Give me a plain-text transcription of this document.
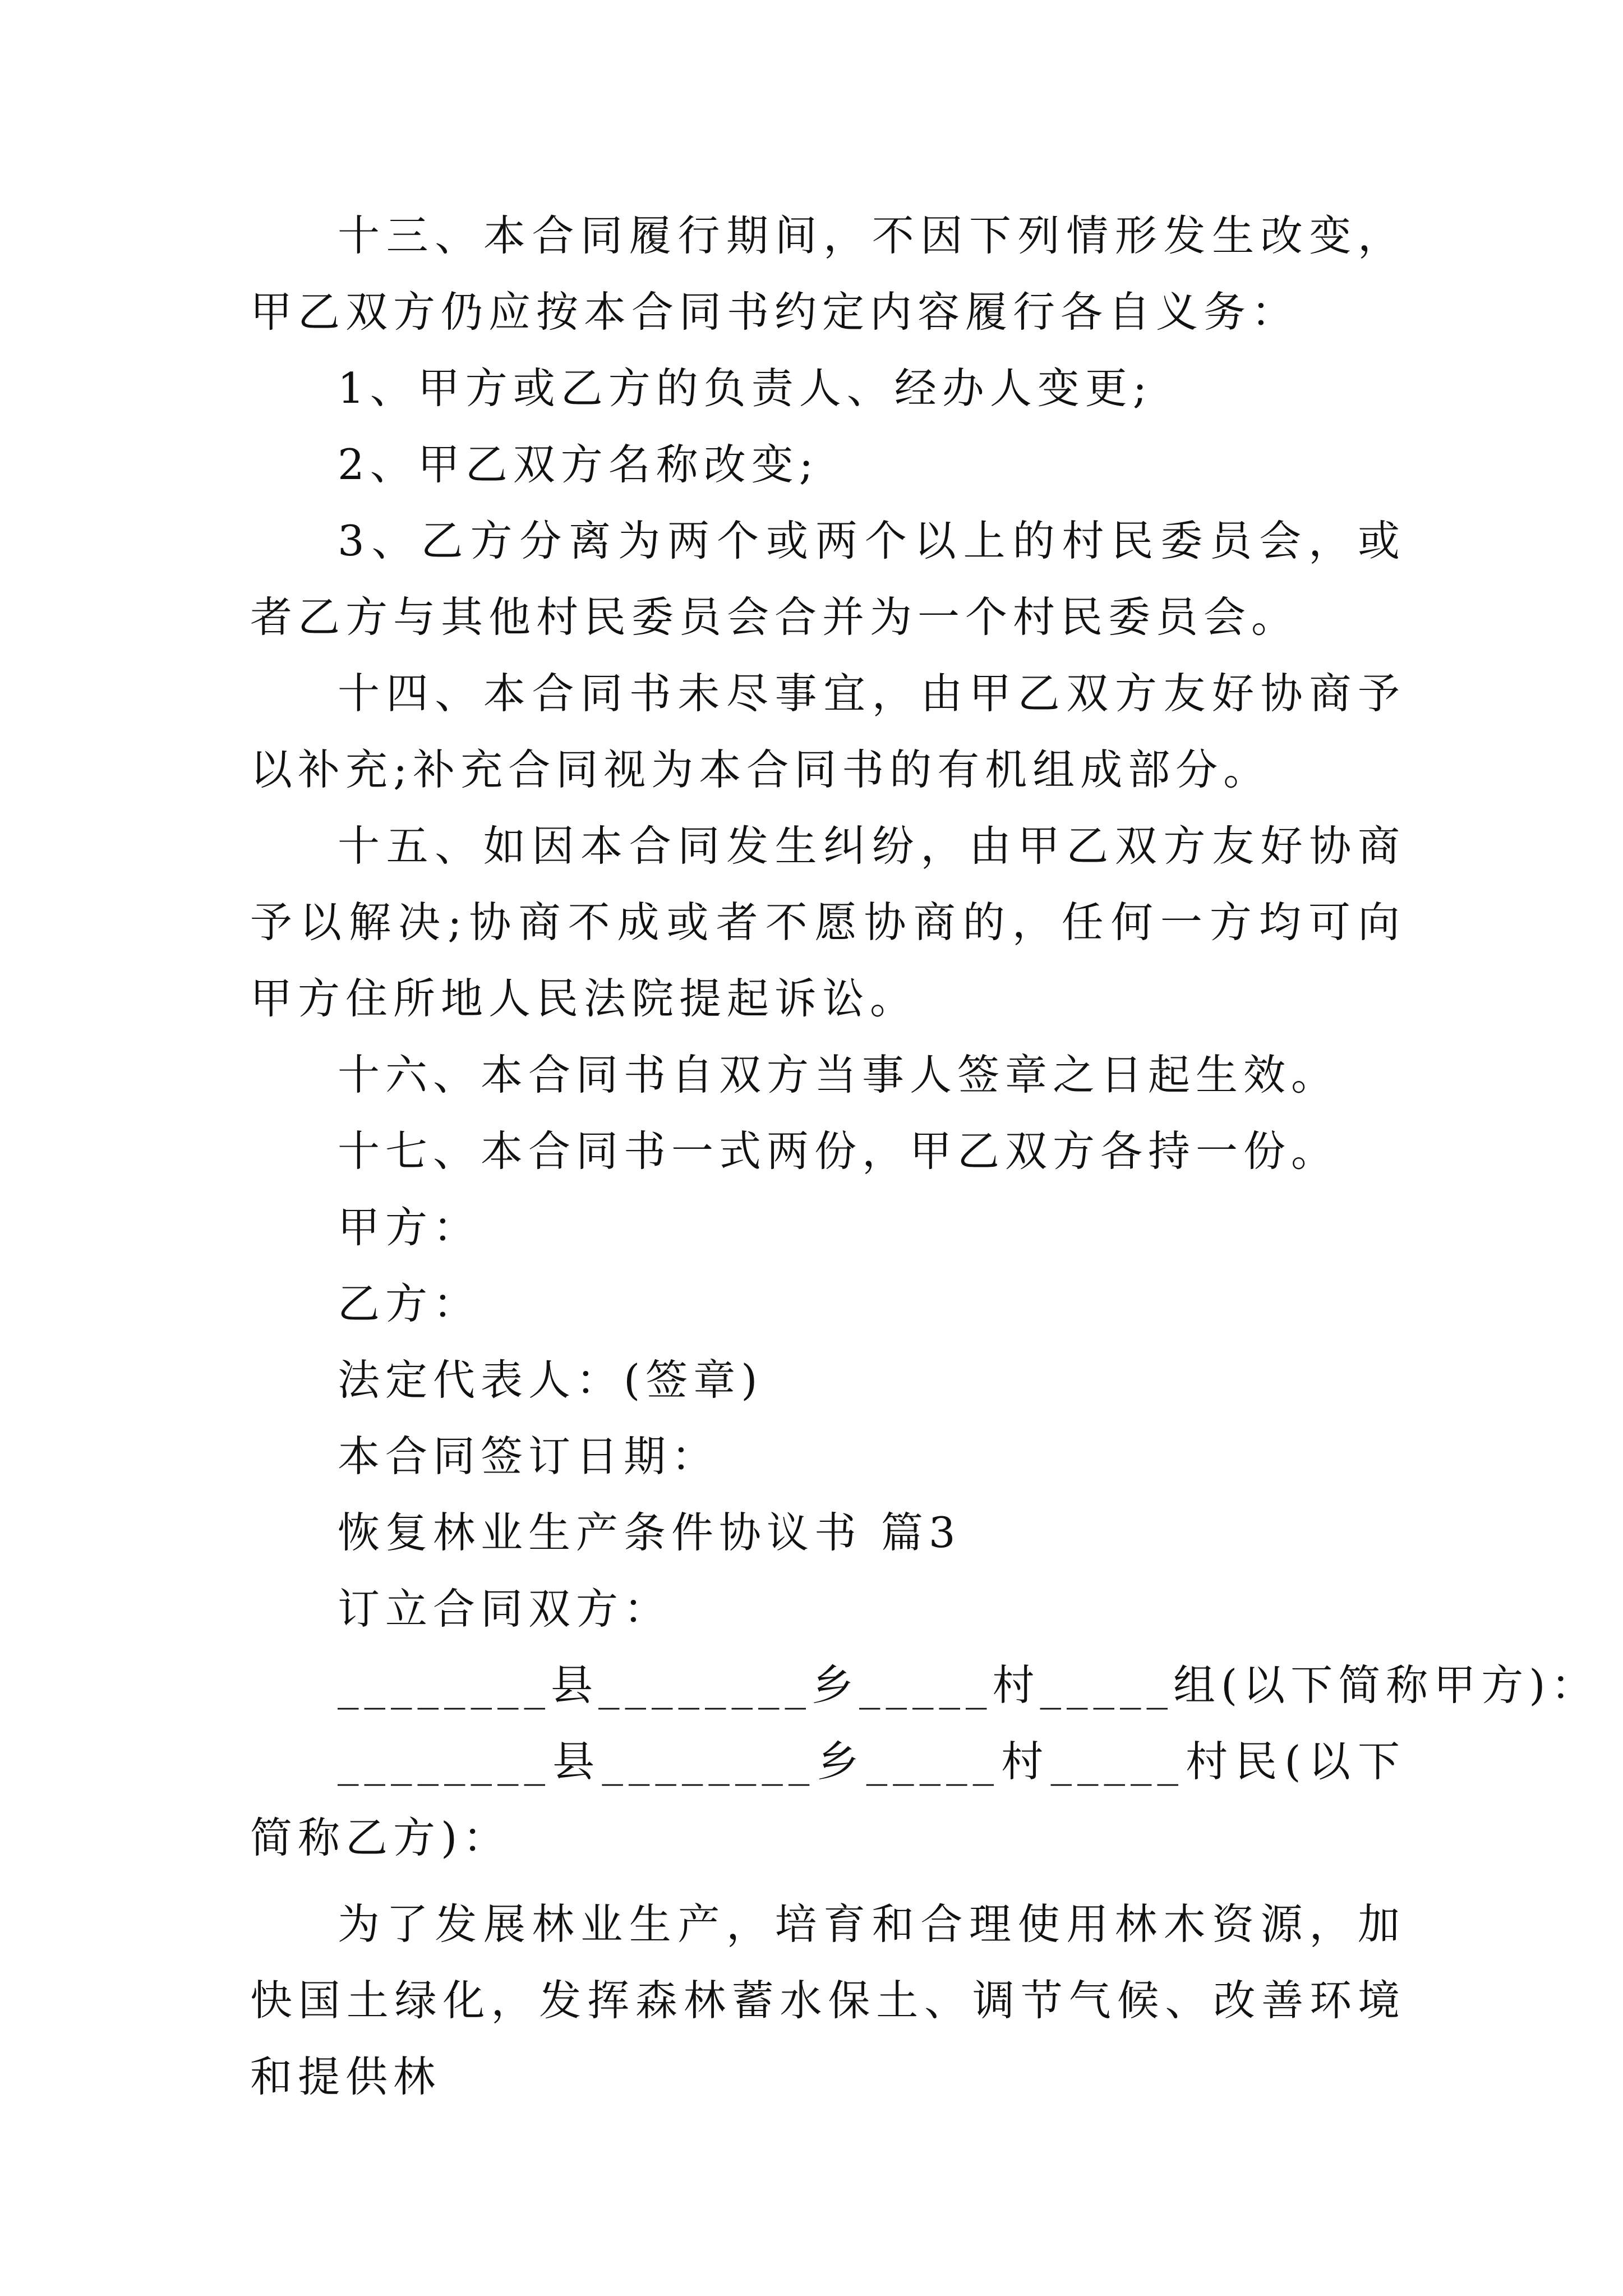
十三、本合同履行期间，不因下列情形发生改变，甲乙双方仍应按本合同书约定内容履行各自义务：

1、甲方或乙方的负责人、经办人变更;

2、甲乙双方名称改变;

3、乙方分离为两个或两个以上的村民委员会，或者乙方与其他村民委员会合并为一个村民委员会。

十四、本合同书未尽事宜，由甲乙双方友好协商予以补充;补充合同视为本合同书的有机组成部分。

十五、如因本合同发生纠纷，由甲乙双方友好协商予以解决;协商不成或者不愿协商的，任何一方均可向甲方住所地人民法院提起诉讼。

十六、本合同书自双方当事人签章之日起生效。

十七、本合同书一式两份，甲乙双方各持一份。

甲方：

乙方：

法定代表人：(签章)

本合同签订日期：

恢复林业生产条件协议书 篇3

订立合同双方：

________县________乡_____村_____组(以下简称甲方)：

________县________乡_____村_____村民(以下简称乙方)：

为了发展林业生产，培育和合理使用林木资源，加快国土绿化，发挥森林蓄水保土、调节气候、改善环境和提供林
